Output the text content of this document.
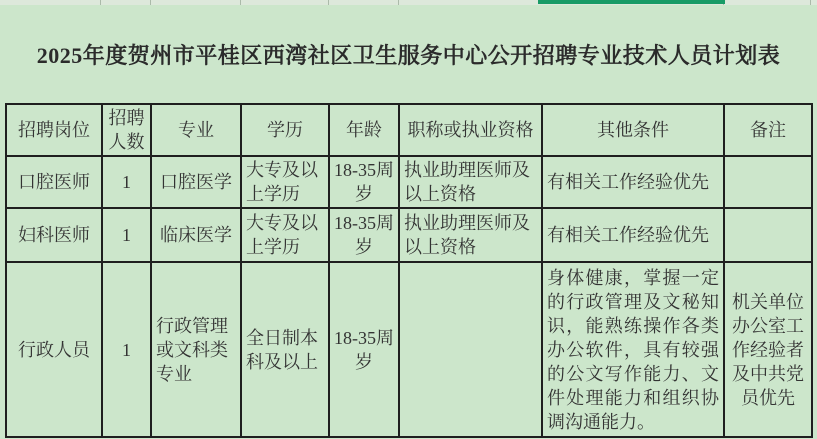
2025年度贺州市平桂区西湾社区卫生服务中心公开招聘专业技术人员计划表
招聘岗位	招聘人数	专业	学历	年龄	职称或执业资格	其他条件	备注
口腔医师	1	口腔医学	大专及以上学历	18-35周岁	执业助理医师及以上资格	有相关工作经验优先	
妇科医师	1	临床医学	大专及以上学历	18-35周岁	执业助理医师及以上资格	有相关工作经验优先	
行政人员	1	行政管理或文科类专业	全日制本科及以上	18-35周岁		身体健康，掌握一定的行政管理及文秘知识，能熟练操作各类办公软件，具有较强的公文写作能力、文件处理能力和组织协调沟通能力。	机关单位办公室工作经验者及中共党员优先
